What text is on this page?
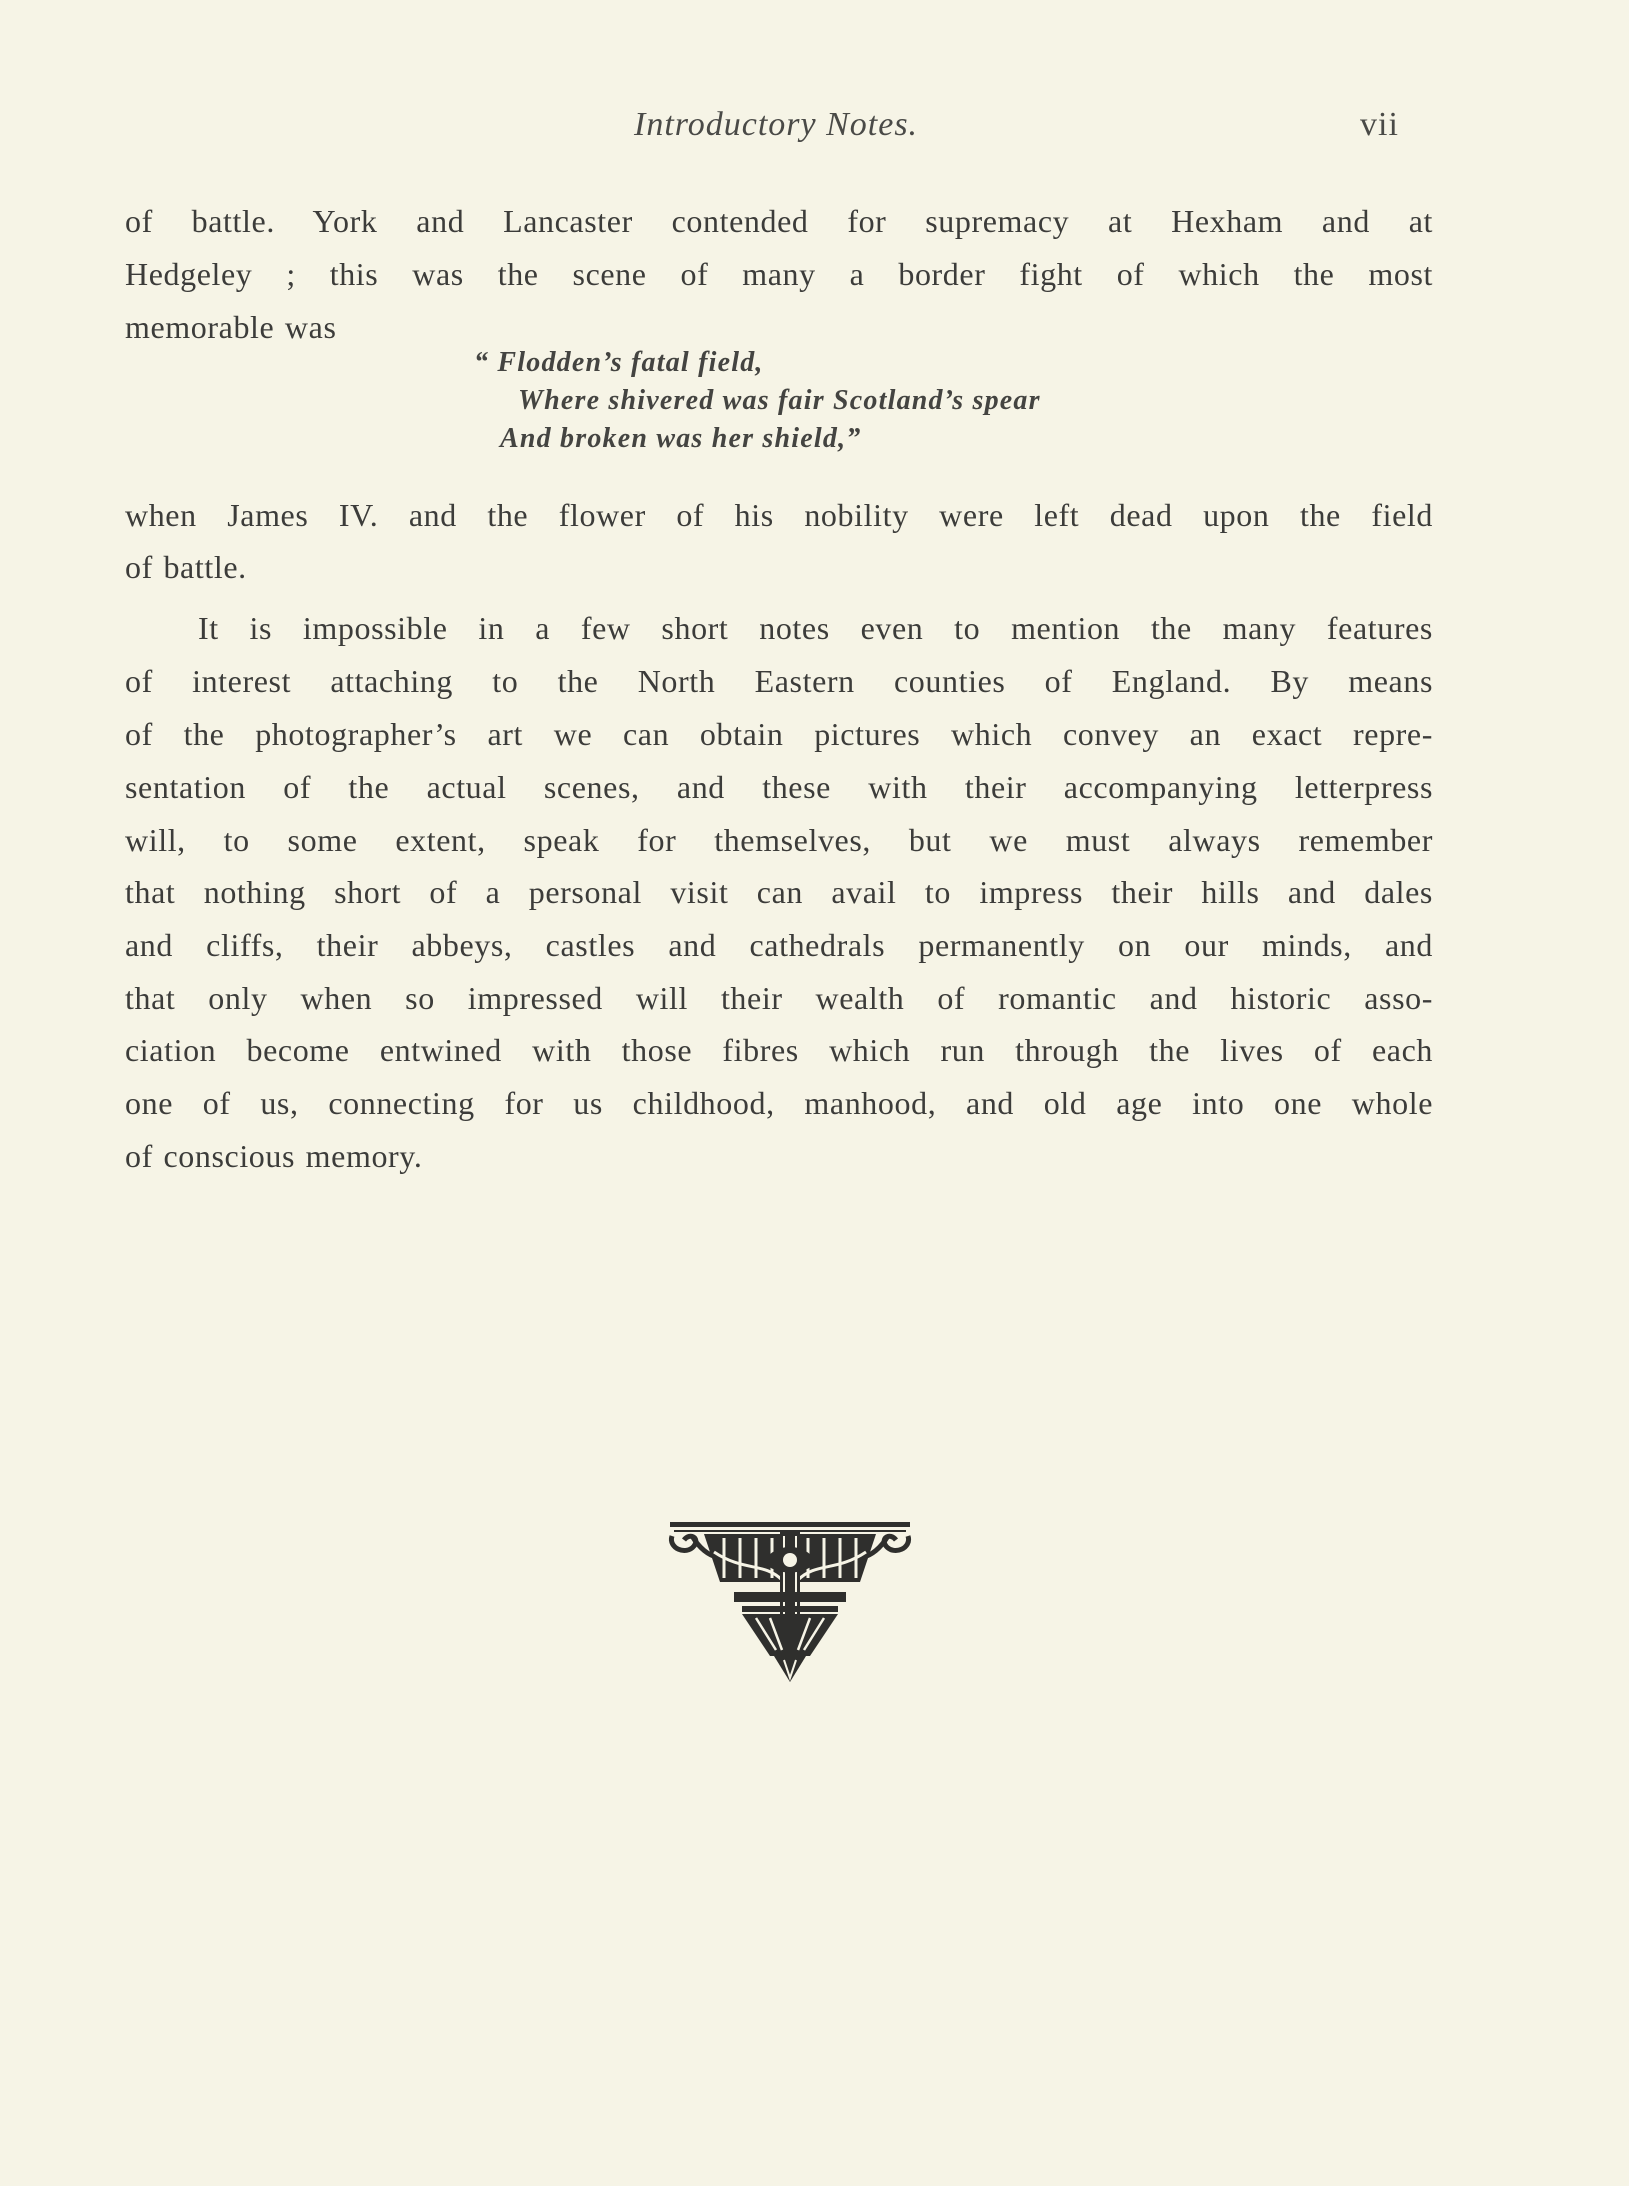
Introductory Notes.	vii
of battle. York and Lancaster contended for supremacy at Hexham and at
Hedgeley ; this was the scene of many a border fight of which the most
memorable was
“ Flodden’s fatal field,
Where shivered was fair Scotland’s spear
And broken was her shield,”
when James IV. and the flower of his nobility were left dead upon the field
of battle.
It is impossible in a few short notes even to mention the many features
of interest attaching to the North Eastern counties of England. By means
of the photographer’s art we can obtain pictures which convey an exact repre-
sentation of the actual scenes, and these with their accompanying letterpress
will, to some extent, speak for themselves, but we must always remember
that nothing short of a personal visit can avail to impress their hills and dales
and cliffs, their abbeys, castles and cathedrals permanently on our minds, and
that only when so impressed will their wealth of romantic and historic asso-
ciation become entwined with those fibres which run through the lives of each
one of us, connecting for us childhood, manhood, and old age into one whole
of conscious memory.
